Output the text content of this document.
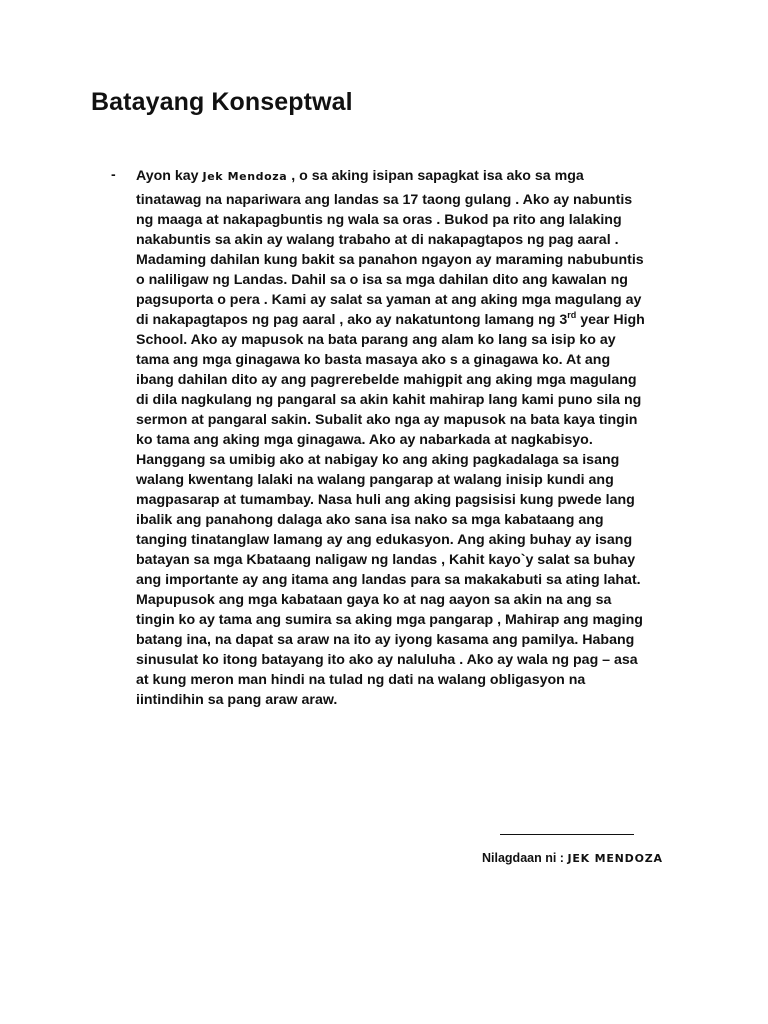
Batayang Konseptwal
- Ayon kay Jek Mendoza , o sa aking isipan sapagkat isa ako sa mga
tinatawag na napariwara ang landas sa 17 taong gulang . Ako ay nabuntis
ng maaga at nakapagbuntis ng wala sa oras . Bukod pa rito ang lalaking
nakabuntis sa akin ay walang trabaho at di nakapagtapos ng pag aaral .
Madaming dahilan kung bakit sa panahon ngayon ay maraming nabubuntis
o naliligaw ng Landas. Dahil sa o isa sa mga dahilan dito ang kawalan ng
pagsuporta o pera . Kami ay salat sa yaman at ang aking mga magulang ay
di nakapagtapos ng pag aaral , ako ay nakatuntong lamang ng 3rd year High
School. Ako ay mapusok na bata parang ang alam ko lang sa isip ko ay
tama ang mga ginagawa ko basta masaya ako s a ginagawa ko. At ang
ibang dahilan dito ay ang pagrerebelde mahigpit ang aking mga magulang
di dila nagkulang ng pangaral sa akin kahit mahirap lang kami puno sila ng
sermon at pangaral sakin. Subalit ako nga ay mapusok na bata kaya tingin
ko tama ang aking mga ginagawa. Ako ay nabarkada at nagkabisyo.
Hanggang sa umibig ako at nabigay ko ang aking pagkadalaga sa isang
walang kwentang lalaki na walang pangarap at walang inisip kundi ang
magpasarap at tumambay. Nasa huli ang aking pagsisisi kung pwede lang
ibalik ang panahong dalaga ako sana isa nako sa mga kabataang ang
tanging tinatanglaw lamang ay ang edukasyon. Ang aking buhay ay isang
batayan sa mga Kbataang naligaw ng landas , Kahit kayo`y salat sa buhay
ang importante ay ang itama ang landas para sa makakabuti sa ating lahat.
Mapupusok ang mga kabataan gaya ko at nag aayon sa akin na ang sa
tingin ko ay tama ang sumira sa aking mga pangarap , Mahirap ang maging
batang ina, na dapat sa araw na ito ay iyong kasama ang pamilya. Habang
sinusulat ko itong batayang ito ako ay naluluha . Ako ay wala ng pag – asa
at kung meron man hindi na tulad ng dati na walang obligasyon na
iintindihin sa pang araw araw.
Nilagdaan ni : JEK MENDOZA
